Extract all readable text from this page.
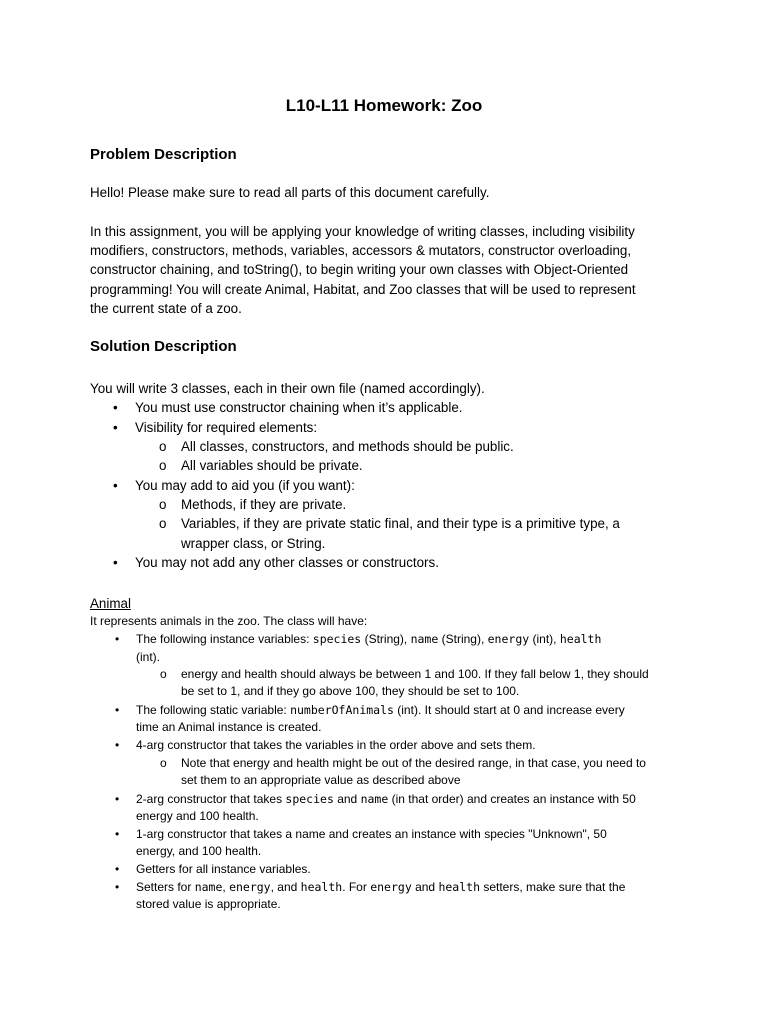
L10-L11 Homework: Zoo
Problem Description
Hello! Please make sure to read all parts of this document carefully.
In this assignment, you will be applying your knowledge of writing classes, including visibility
modifiers, constructors, methods, variables, accessors & mutators, constructor overloading,
constructor chaining, and toString(), to begin writing your own classes with Object-Oriented
programming! You will create Animal, Habitat, and Zoo classes that will be used to represent
the current state of a zoo.
Solution Description
You will write 3 classes, each in their own file (named accordingly).
• You must use constructor chaining when it’s applicable.
• Visibility for required elements:
o All classes, constructors, and methods should be public.
o All variables should be private.
• You may add to aid you (if you want):
o Methods, if they are private.
o Variables, if they are private static final, and their type is a primitive type, a
wrapper class, or String.
• You may not add any other classes or constructors.
Animal
It represents animals in the zoo. The class will have:
• The following instance variables: species (String), name (String), energy (int), health
(int).
o energy and health should always be between 1 and 100. If they fall below 1, they should
be set to 1, and if they go above 100, they should be set to 100.
• The following static variable: numberOfAnimals (int). It should start at 0 and increase every
time an Animal instance is created.
• 4-arg constructor that takes the variables in the order above and sets them.
o Note that energy and health might be out of the desired range, in that case, you need to
set them to an appropriate value as described above
• 2-arg constructor that takes species and name (in that order) and creates an instance with 50
energy and 100 health.
• 1-arg constructor that takes a name and creates an instance with species "Unknown", 50
energy, and 100 health.
• Getters for all instance variables.
• Setters for name, energy, and health. For energy and health setters, make sure that the
stored value is appropriate.
